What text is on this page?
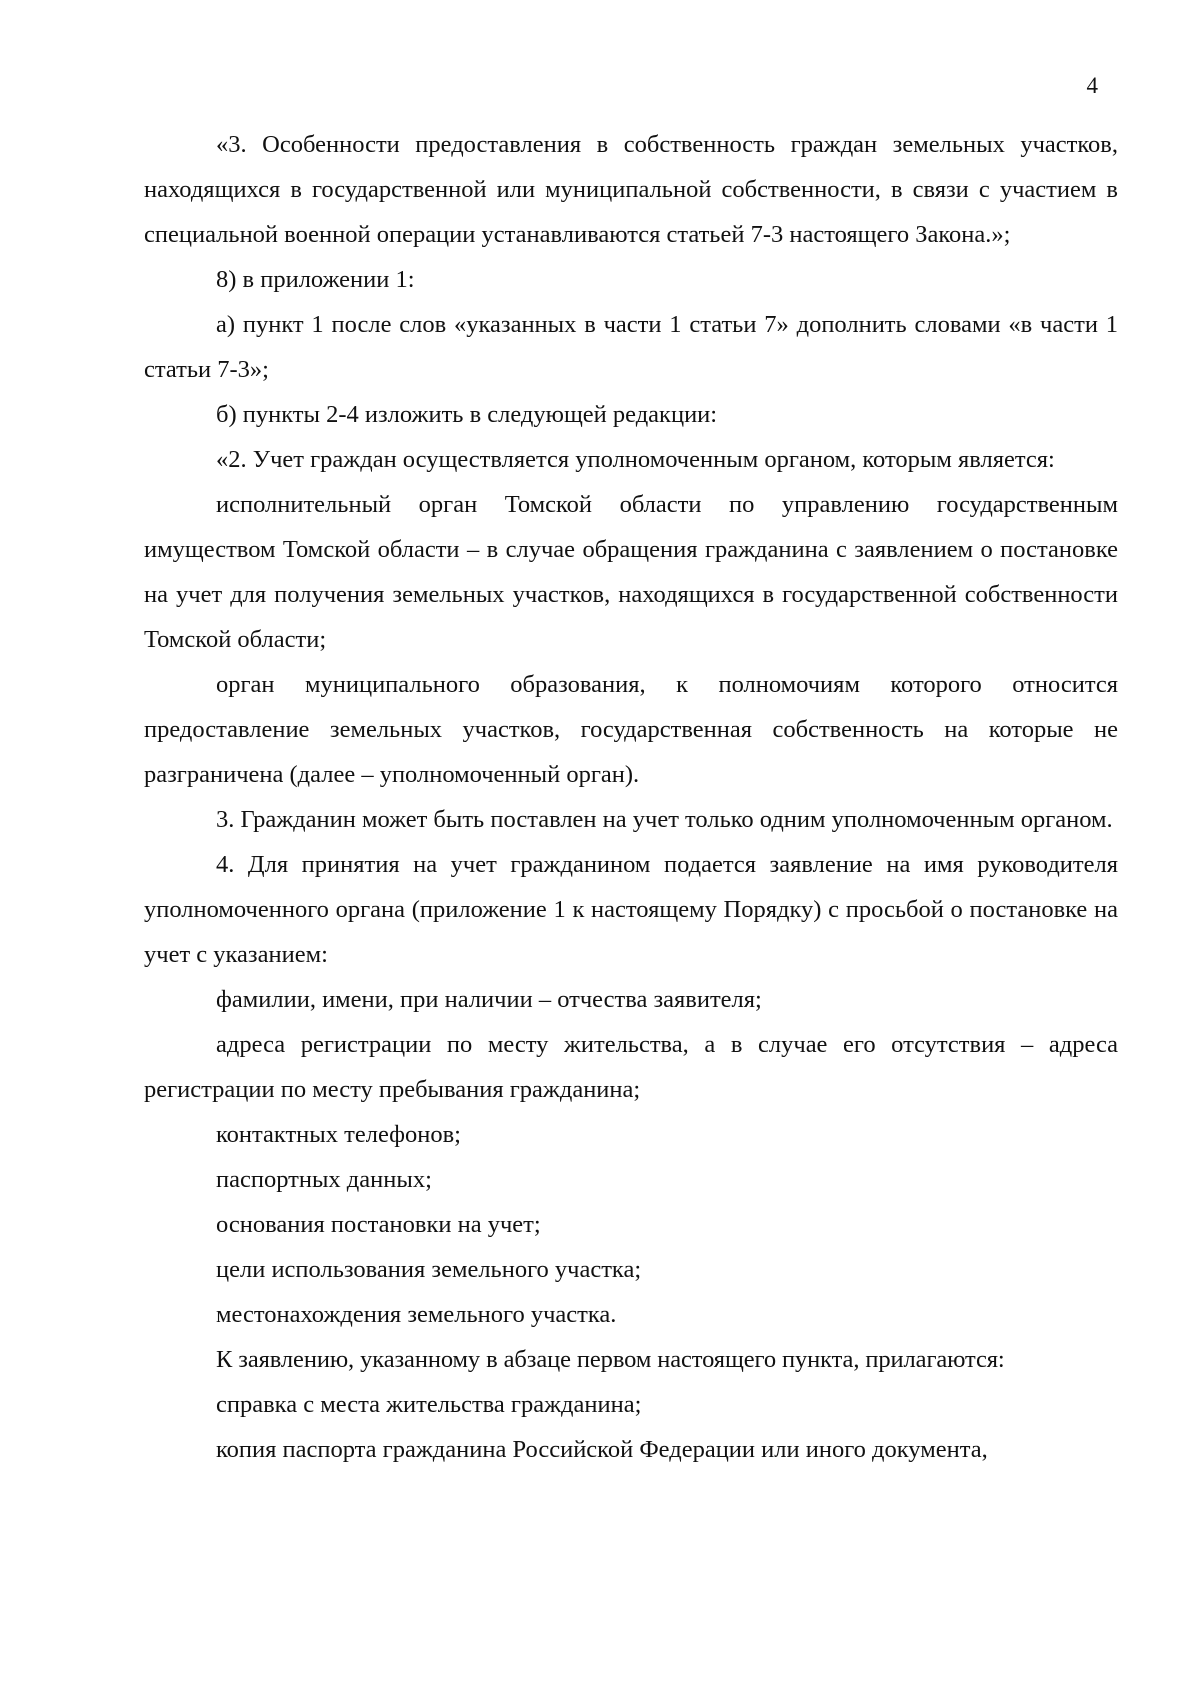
4

«3. Особенности предоставления в собственность граждан земельных участков, находящихся в государственной или муниципальной собственности, в связи с участием в специальной военной операции устанавливаются статьей 7-3 настоящего Закона.»;

8) в приложении 1:

а) пункт 1 после слов «указанных в части 1 статьи 7» дополнить словами «в части 1 статьи 7-3»;

б) пункты 2-4 изложить в следующей редакции:

«2. Учет граждан осуществляется уполномоченным органом, которым является:

исполнительный орган Томской области по управлению государственным имуществом Томской области – в случае обращения гражданина с заявлением о постановке на учет для получения земельных участков, находящихся в государственной собственности Томской области;

орган муниципального образования, к полномочиям которого относится предоставление земельных участков, государственная собственность на которые не разграничена (далее – уполномоченный орган).

3. Гражданин может быть поставлен на учет только одним уполномоченным органом.

4. Для принятия на учет гражданином подается заявление на имя руководителя уполномоченного органа (приложение 1 к настоящему Порядку) с просьбой о постановке на учет с указанием:

фамилии, имени, при наличии – отчества заявителя;

адреса регистрации по месту жительства, а в случае его отсутствия – адреса регистрации по месту пребывания гражданина;

контактных телефонов;

паспортных данных;

основания постановки на учет;

цели использования земельного участка;

местонахождения земельного участка.

К заявлению, указанному в абзаце первом настоящего пункта, прилагаются:

справка с места жительства гражданина;

копия паспорта гражданина Российской Федерации или иного документа,
